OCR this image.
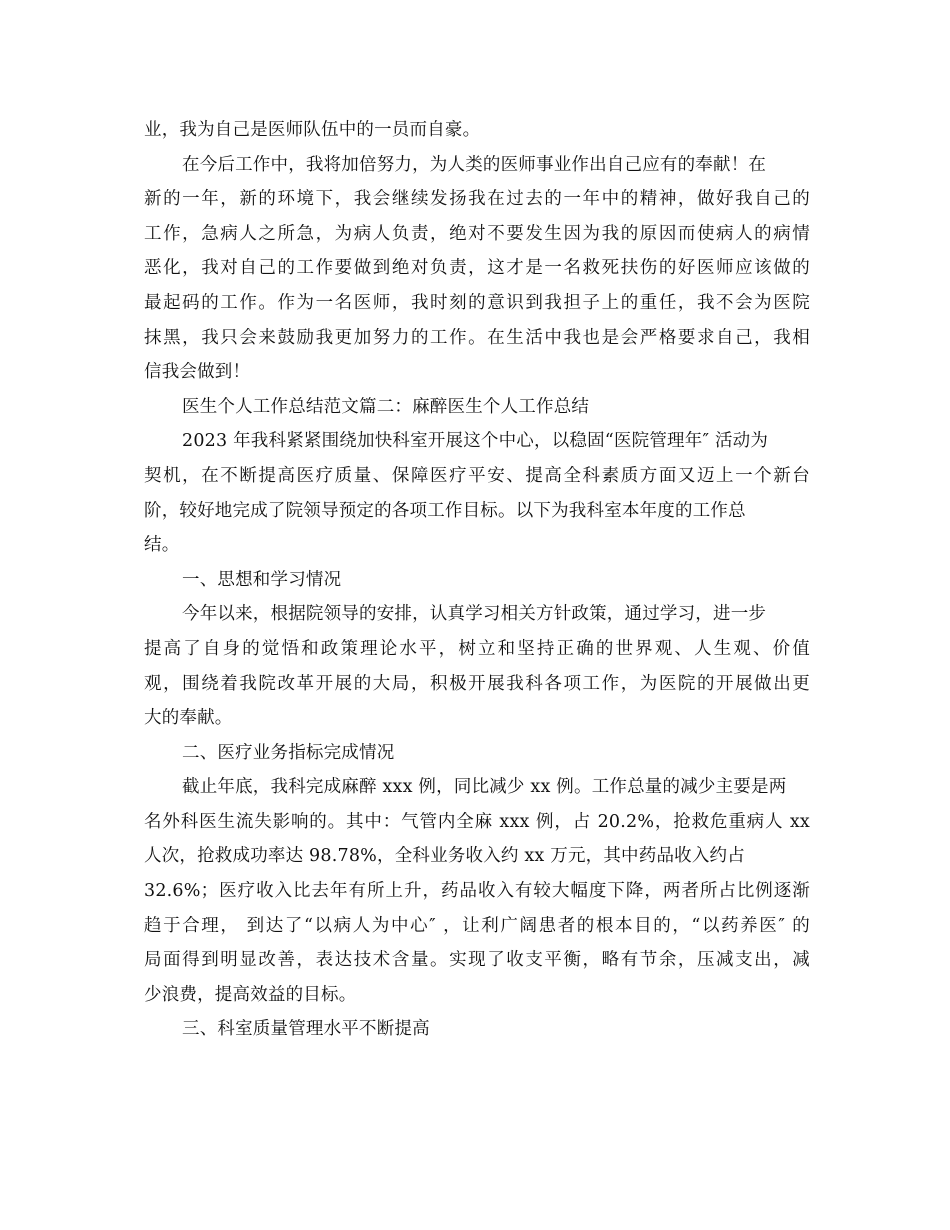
业，我为自己是医师队伍中的一员而自豪。
在今后工作中，我将加倍努力，为人类的医师事业作出自己应有的奉献！在
新的一年，新的环境下，我会继续发扬我在过去的一年中的精神，做好我自己的
工作，急病人之所急，为病人负责，绝对不要发生因为我的原因而使病人的病情
恶化，我对自己的工作要做到绝对负责，这才是一名救死扶伤的好医师应该做的
最起码的工作。作为一名医师，我时刻的意识到我担子上的重任，我不会为医院
抹黑，我只会来鼓励我更加努力的工作。在生活中我也是会严格要求自己，我相
信我会做到！
医生个人工作总结范文篇二：麻醉医生个人工作总结
2023 年我科紧紧围绕加快科室开展这个中心，以稳固“医院管理年″ 活动为
契机，在不断提高医疗质量、保障医疗平安、提高全科素质方面又迈上一个新台
阶，较好地完成了院领导预定的各项工作目标。以下为我科室本年度的工作总
结。
一、思想和学习情况
今年以来，根据院领导的安排，认真学习相关方针政策，通过学习，进一步
提高了自身的觉悟和政策理论水平，树立和坚持正确的世界观、人生观、价值
观，围绕着我院改革开展的大局，积极开展我科各项工作，为医院的开展做出更
大的奉献。
二、医疗业务指标完成情况
截止年底，我科完成麻醉 xxx 例，同比减少 xx 例。工作总量的减少主要是两
名外科医生流失影响的。其中：气管内全麻 xxx 例，占 20.2%，抢救危重病人 xx
人次，抢救成功率达 98.78%，全科业务收入约 xx 万元，其中药品收入约占
32.6%；医疗收入比去年有所上升，药品收入有较大幅度下降，两者所占比例逐渐
趋于合理， 到达了“以病人为中心″ ，让利广阔患者的根本目的，“以药养医″ 的
局面得到明显改善，表达技术含量。实现了收支平衡，略有节余，压减支出，减
少浪费，提高效益的目标。
三、科室质量管理水平不断提高
